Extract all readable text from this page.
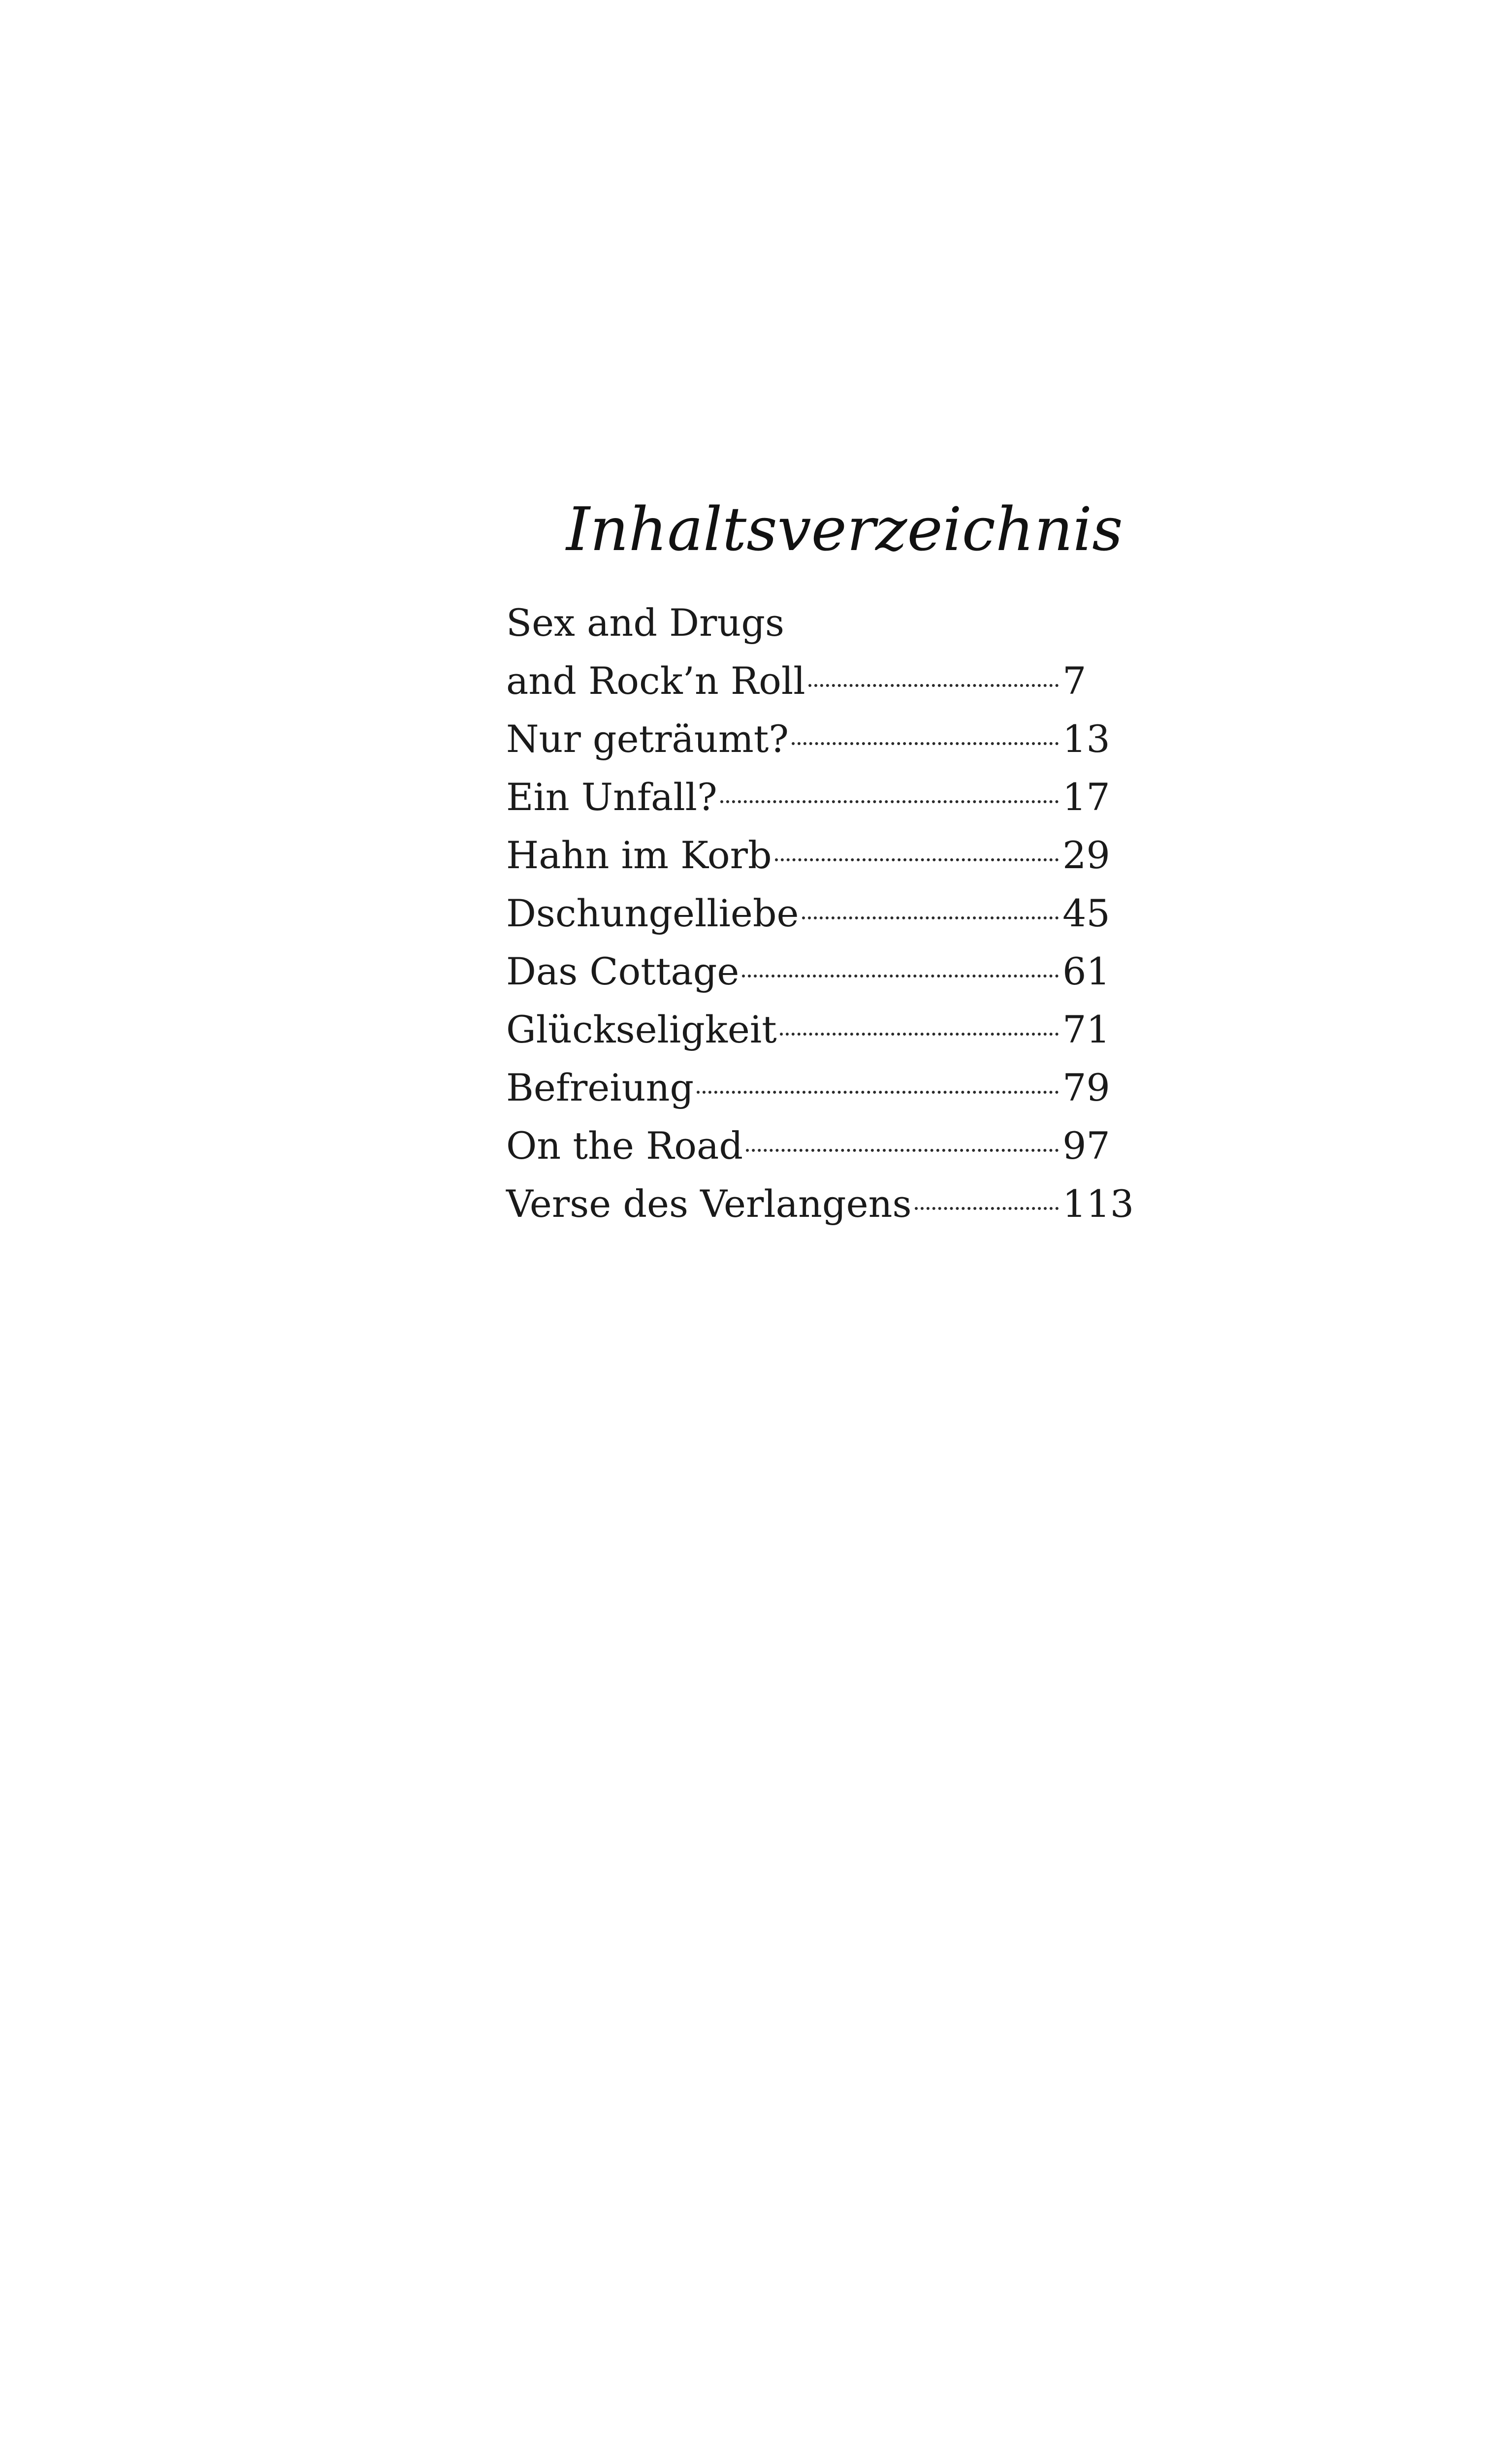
Inhaltsverzeichnis
Sex and Drugs
and Rock’n Roll	7
Nur geträumt?	13
Ein Unfall?	17
Hahn im Korb	29
Dschungelliebe	45
Das Cottage	61
Glückseligkeit	71
Befreiung	79
On the Road	97
Verse des Verlangens	113
